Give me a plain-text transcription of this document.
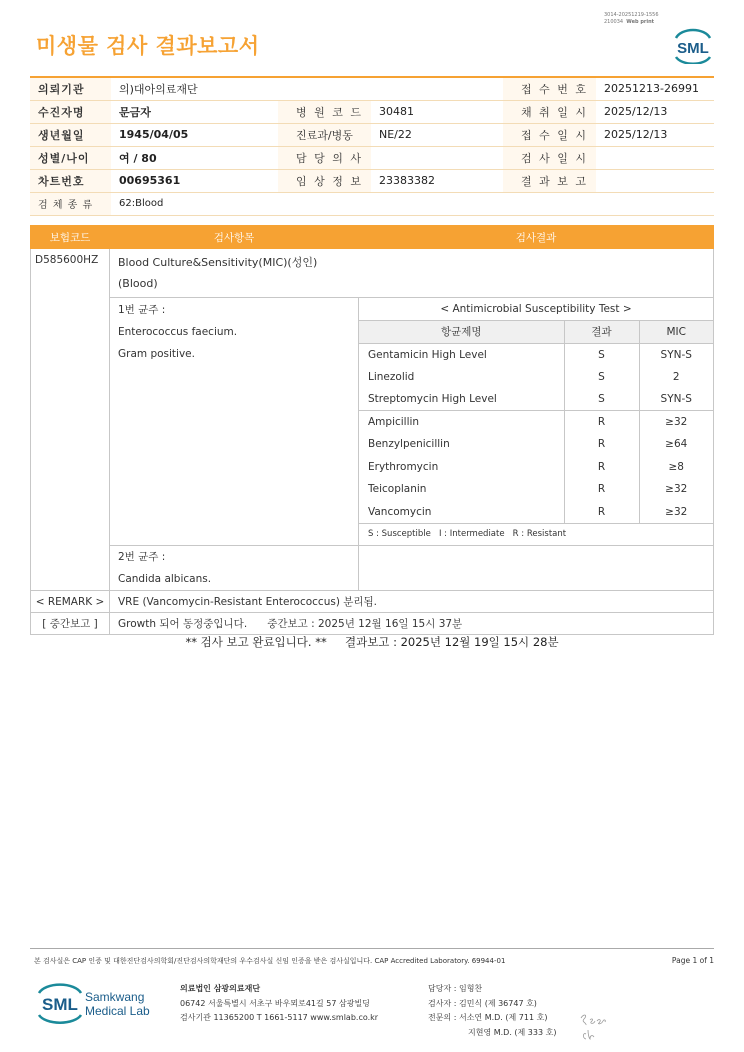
3014-20251219-1556
210034 Web print
미생물 검사 결과보고서	SML
의뢰기관	의)대아의료재단			접 수 번 호	20251213-26991
수진자명	문금자	병 원 코 드	30481	채 취 일 시	2025/12/13
생년월일	1945/04/05	진료과/병동	NE/22	접 수 일 시	2025/12/13
성별/나이	여 / 80	담 당 의 사		검 사 일 시	
차트번호	00695361	임 상 정 보	23383382	결 과 보 고	
검 체 종 류	62:Blood				
보험코드	검사항목	검사결과
D585600HZ	Blood Culture&Sensitivity(MIC)(성인)
(Blood)

1번 균주 :
Enterococcus faecium.
Gram positive.

< Antimicrobial Susceptibility Test >
항균제명	결과	MIC
Gentamicin High Level	S	SYN-S
Linezolid	S	2
Streptomycin High Level	S	SYN-S
Ampicillin	R	≥32
Benzylpenicillin	R	≥64
Erythromycin	R	≥8
Teicoplanin	R	≥32
Vancomycin	R	≥32
S : Susceptible   I : Intermediate   R : Resistant

2번 균주 :
Candida albicans.

< REMARK >	VRE (Vancomycin-Resistant Enterococcus) 분리됨.
[ 중간보고 ]	Growth 되어 동정중입니다.      중간보고 : 2025년 12월 16일 15시 37분
** 검사 보고 완료입니다. **     결과보고 : 2025년 12월 19일 15시 28분
본 검사실은 CAP 인증 및 대한진단검사의학회/진단검사의학재단의 우수검사실 신임 인증을 받은 검사실입니다. CAP Accredited Laboratory. 69944-01	Page 1 of 1
SML Samkwang
Medical Lab
의료법인 삼광의료재단
06742 서울특별시 서초구 바우뫼로41길 57 삼광빌딩
검사기관 11365200 T 1661-5117 www.smlab.co.kr
담당자 : 임형찬
검사자 : 김민식 (제 36747 호)
전문의 : 서소연 M.D. (제 711 호)
지현영 M.D. (제 333 호)
